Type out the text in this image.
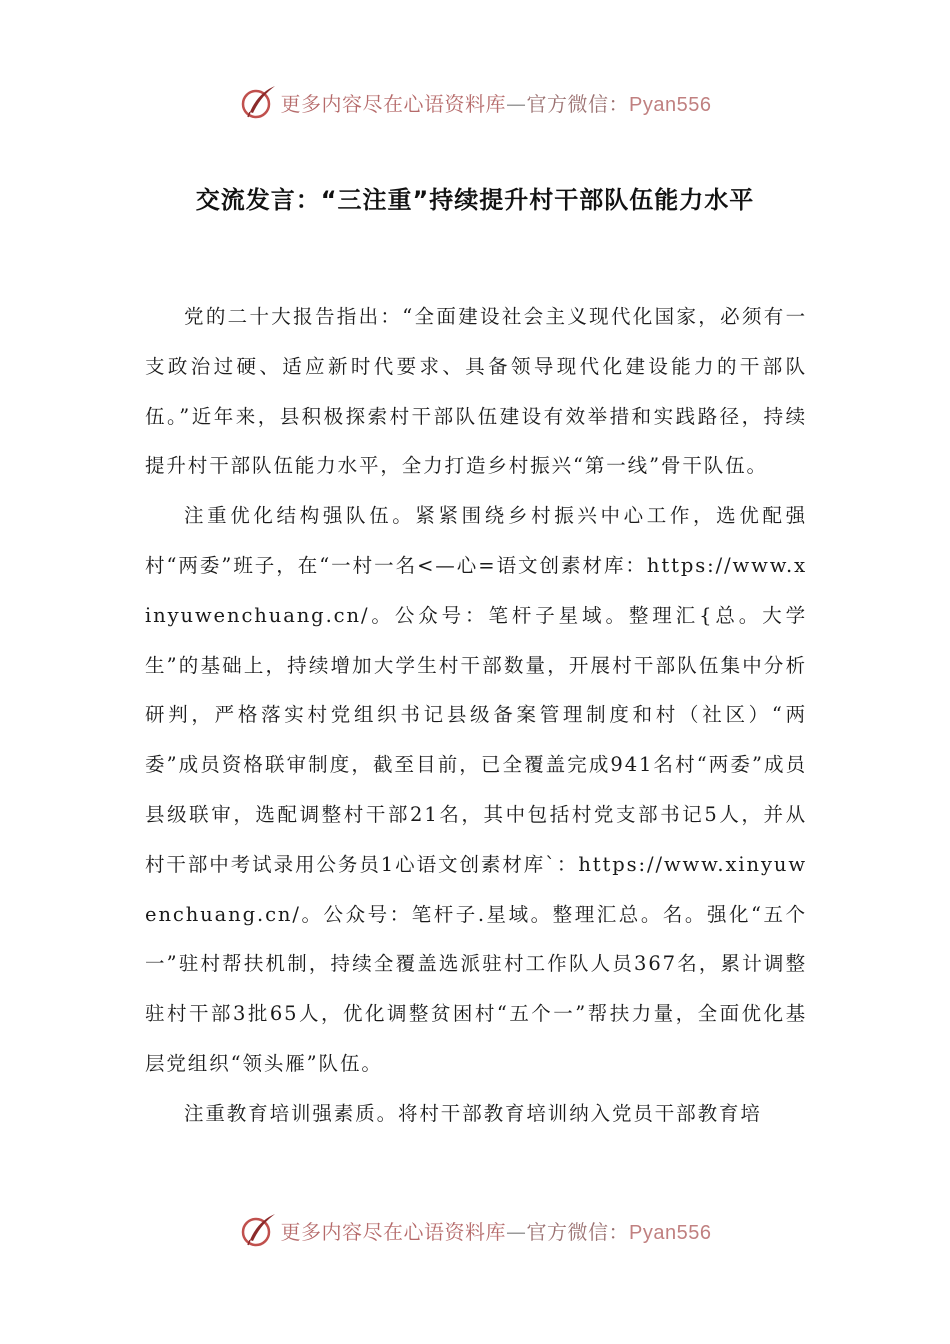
更多内容尽在心语资料库—官方微信：Pyan556
交流发言：“三注重”持续提升村干部队伍能力水平

党的二十大报告指出：“全面建设社会主义现代化国家，必须有一支政治过硬、适应新时代要求、具备领导现代化建设能力的干部队伍。”近年来，县积极探索村干部队伍建设有效举措和实践路径，持续提升村干部队伍能力水平，全力打造乡村振兴“第一线”骨干队伍。

注重优化结构强队伍。紧紧围绕乡村振兴中心工作，选优配强村“两委”班子，在“一村一名<—心=语文创素材库：https://www.xinyuwenchuang.cn/。公众号：笔杆子星域。整理汇{总。大学生”的基础上，持续增加大学生村干部数量，开展村干部队伍集中分析研判，严格落实村党组织书记县级备案管理制度和村（社区）“两委”成员资格联审制度，截至目前，已全覆盖完成941名村“两委”成员县级联审，选配调整村干部21名，其中包括村党支部书记5人，并从村干部中考试录用公务员1心语文创素材库`：https://www.xinyuwenchuang.cn/。公众号：笔杆子.星域。整理汇总。名。强化“五个一”驻村帮扶机制，持续全覆盖选派驻村工作队人员367名，累计调整驻村干部3批65人，优化调整贫困村“五个一”帮扶力量，全面优化基层党组织“领头雁”队伍。

注重教育培训强素质。将村干部教育培训纳入党员干部教育培

更多内容尽在心语资料库—官方微信：Pyan556
